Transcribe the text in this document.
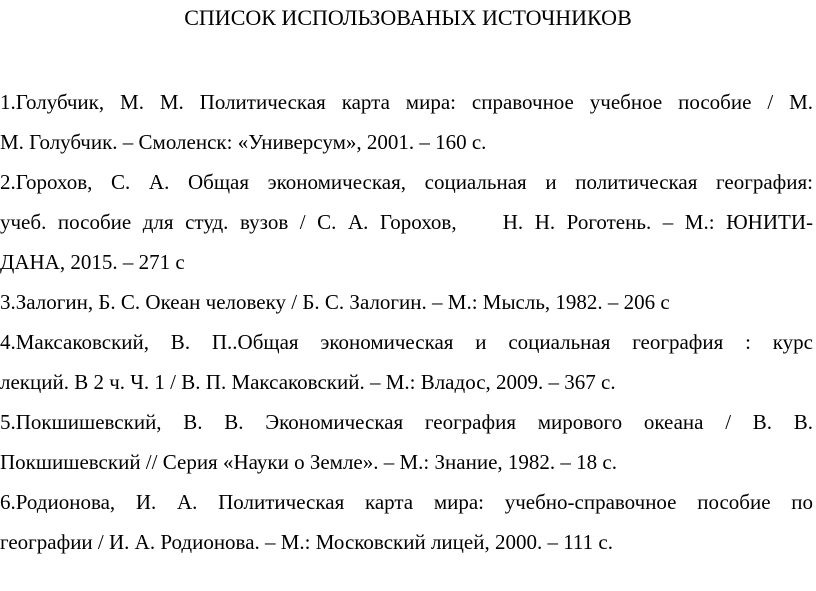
СПИСОК ИСПОЛЬЗОВАНЫХ ИСТОЧНИКОВ

1.Голубчик, М. М. Политическая карта мира: справочное учебное пособие / М.
М. Голубчик. – Смоленск: «Универсум», 2001. – 160 с.

2.Горохов, С. А. Общая экономическая, социальная и политическая география:
учеб. пособие для студ. вузов / С. А. Горохов,    Н. Н. Роготень. – М.: ЮНИТИ-
ДАНА, 2015. – 271 с

3.Залогин, Б. С. Океан человеку / Б. С. Залогин. – М.: Мысль, 1982. – 206 с

4.Максаковский, В. П..Общая экономическая и социальная география : курс
лекций. В 2 ч. Ч. 1 / В. П. Максаковский. – М.: Владос, 2009. – 367 с.

5.Покшишевский, В. В. Экономическая география мирового океана / В. В.
Покшишевский // Серия «Науки о Земле». – М.: Знание, 1982. – 18 с.

6.Родионова, И. А. Политическая карта мира: учебно-справочное пособие по
географии / И. А. Родионова. – М.: Московский лицей, 2000. – 111 с.
